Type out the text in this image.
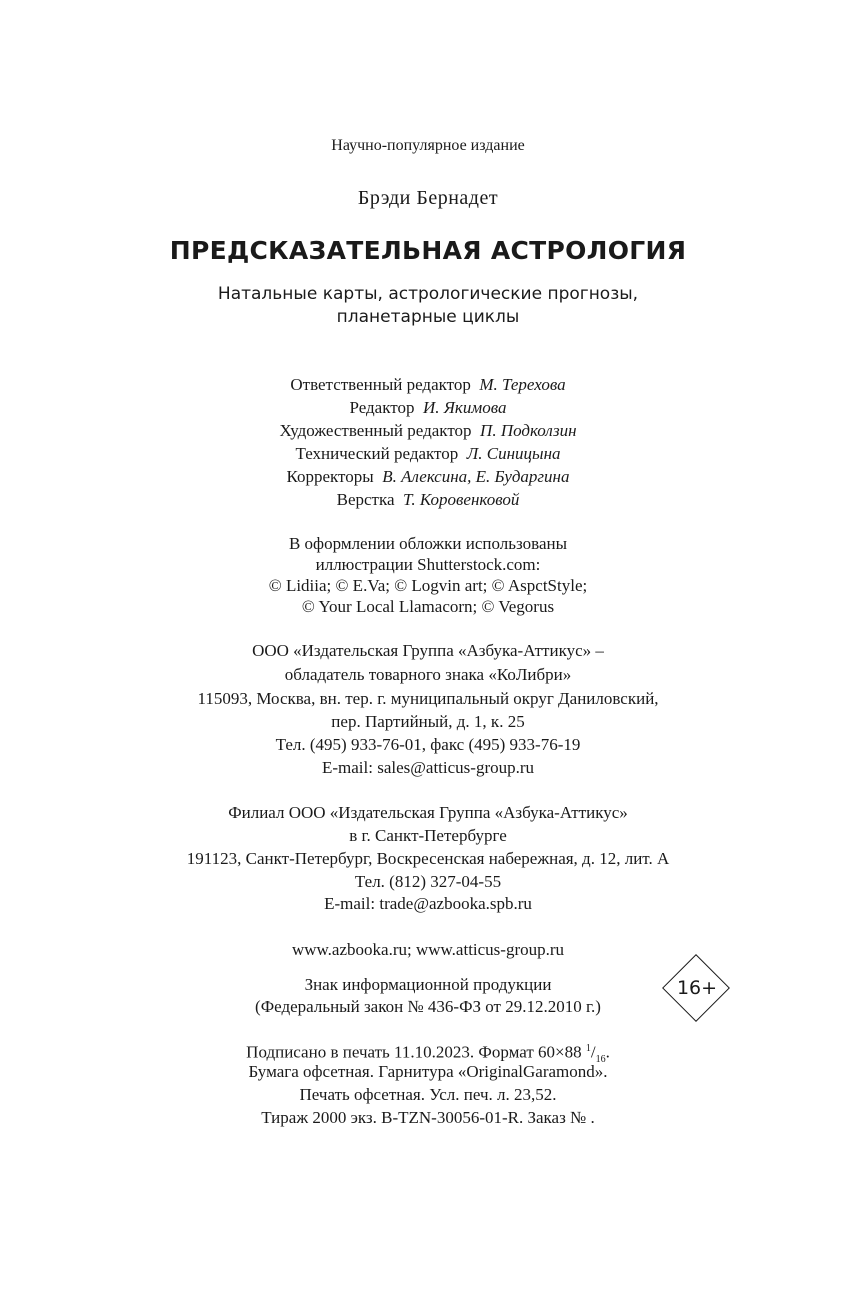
Научно-популярное издание
Брэди Бернадет
ПРЕДСКАЗАТЕЛЬНАЯ АСТРОЛОГИЯ
Натальные карты, астрологические прогнозы,
планетарные циклы
Ответственный редактор М. Терехова
Редактор И. Якимова
Художественный редактор П. Подколзин
Технический редактор Л. Синицына
Корректоры В. Алексина, Е. Бударгина
Верстка Т. Коровенковой
В оформлении обложки использованы
иллюстрации Shutterstock.com:
© Lidiia; © E.Va; © Logvin art; © AspctStyle;
© Your Local Llamacorn; © Vegorus
ООО «Издательская Группа «Азбука-Аттикус» –
обладатель товарного знака «КоЛибри»
115093, Москва, вн. тер. г. муниципальный округ Даниловский,
пер. Партийный, д. 1, к. 25
Тел. (495) 933-76-01, факс (495) 933-76-19
E-mail: sales@atticus-group.ru
Филиал ООО «Издательская Группа «Азбука-Аттикус»
в г. Санкт-Петербурге
191123, Санкт-Петербург, Воскресенская набережная, д. 12, лит. А
Тел. (812) 327-04-55
E-mail: trade@azbooka.spb.ru
www.azbooka.ru; www.atticus-group.ru
Знак информационной продукции
(Федеральный закон № 436-ФЗ от 29.12.2010 г.)
16+
Подписано в печать 11.10.2023. Формат 60×88 $^1/_{16}$.
Бумага офсетная. Гарнитура «OriginalGaramond».
Печать офсетная. Усл. печ. л. 23,52.
Тираж 2000 экз. B-TZN-30056-01-R. Заказ № .
